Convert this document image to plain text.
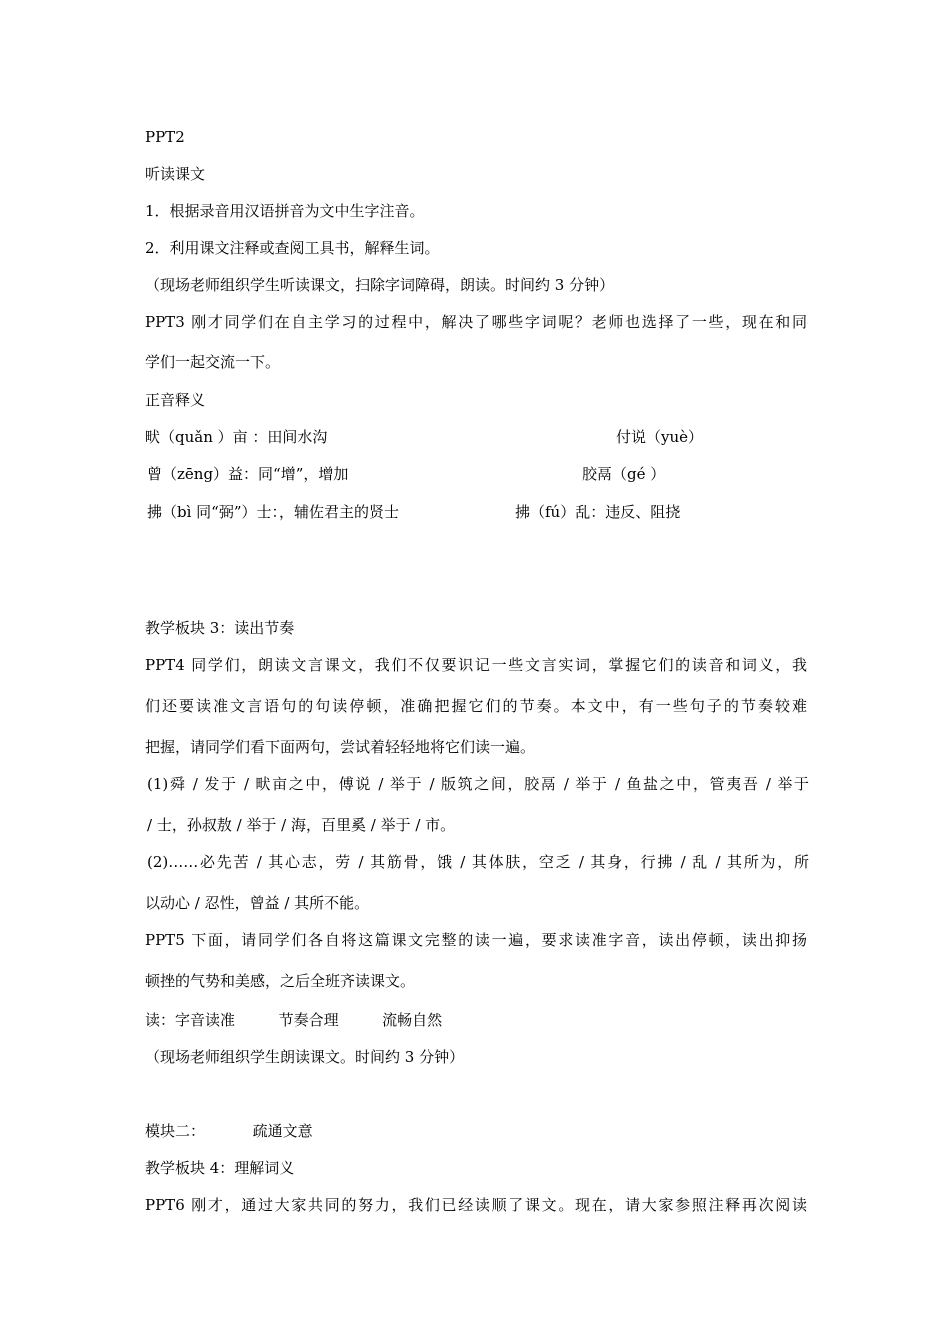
PPT2
听读课文
1．根据录音用汉语拼音为文中生字注音。
2．利用课文注释或查阅工具书，解释生词。
（现场老师组织学生听读课文，扫除字词障碍，朗读。时间约 3 分钟）
PPT3 刚才同学们在自主学习的过程中，解决了哪些字词呢？老师也选择了一些，现在和同
学们一起交流一下。
正音释义
畎（quǎn ）亩 ：田间水沟	付说（yuè）
曾（zēng）益：同“增”，增加	胶鬲（gé ）
拂（bì 同“弼”）士：，辅佐君主的贤士	拂（fú）乱：违反、阻挠
教学板块 3：读出节奏
PPT4 同学们，朗读文言课文，我们不仅要识记一些文言实词，掌握它们的读音和词义，我
们还要读准文言语句的句读停顿，准确把握它们的节奏。本文中，有一些句子的节奏较难
把握，请同学们看下面两句，尝试着轻轻地将它们读一遍。
(1)舜 / 发于 / 畎亩之中，傅说 / 举于 / 版筑之间，胶鬲 / 举于 / 鱼盐之中，管夷吾 / 举于
/ 士，孙叔敖 / 举于 / 海，百里奚 / 举于 / 市。
(2)……必先苦 / 其心志，劳 / 其筋骨，饿 / 其体肤，空乏 / 其身，行拂 / 乱 / 其所为，所
以动心 / 忍性，曾益 / 其所不能。
PPT5 下面，请同学们各自将这篇课文完整的读一遍，要求读准字音，读出停顿，读出抑扬
顿挫的气势和美感，之后全班齐读课文。
读：字音读准	节奏合理	流畅自然
（现场老师组织学生朗读课文。时间约 3 分钟）
模块二：	疏通文意
教学板块 4：理解词义
PPT6 刚才，通过大家共同的努力，我们已经读顺了课文。现在，请大家参照注释再次阅读
